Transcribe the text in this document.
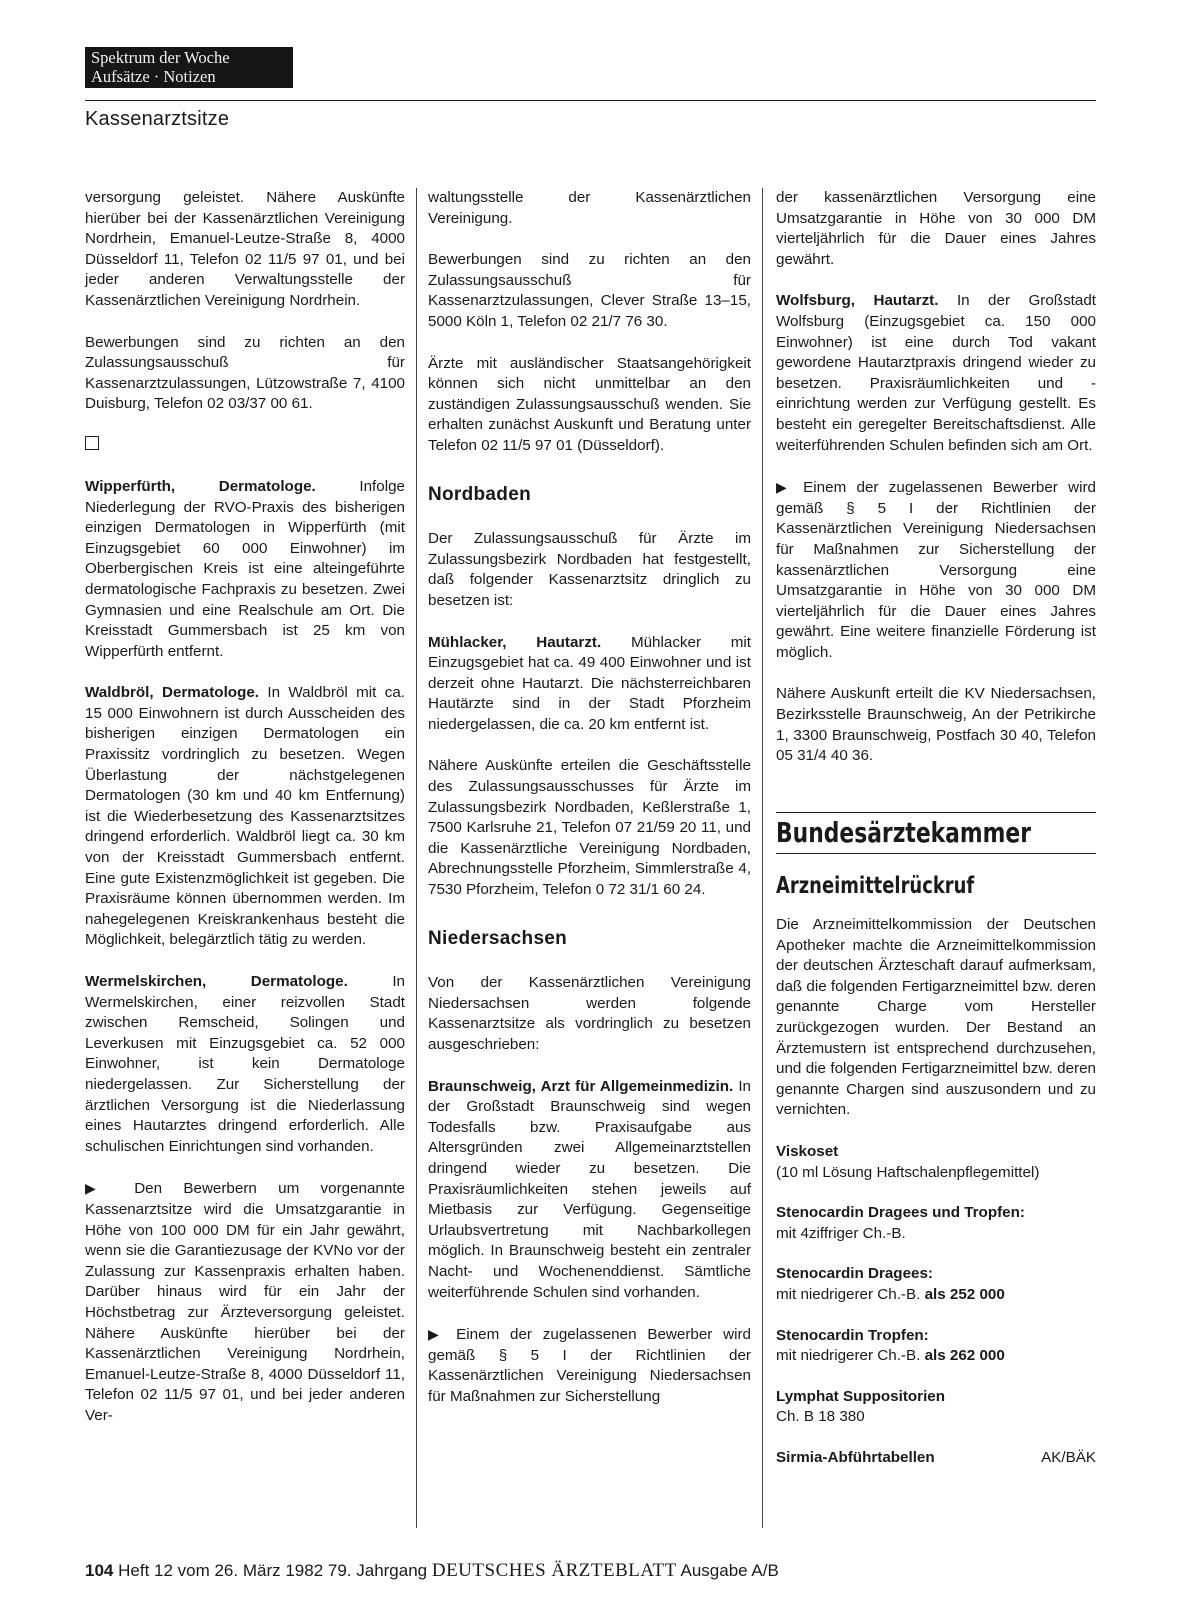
Spektrum der Woche
Aufsätze · Notizen
Kassenarztsitze

versorgung geleistet. Nähere Auskünfte hierüber bei der Kassenärztlichen Vereinigung Nordrhein, Emanuel-Leutze-Straße 8, 4000 Düsseldorf 11, Telefon 02 11/5 97 01, und bei jeder anderen Verwaltungsstelle der Kassenärztlichen Vereinigung Nordrhein.

Bewerbungen sind zu richten an den Zulassungsausschuß für Kassenarztzulassungen, Lützowstraße 7, 4100 Duisburg, Telefon 02 03/37 00 61.

Wipperfürth, Dermatologe.	Infolge Niederlegung der RVO-Praxis des bisherigen einzigen Dermatologen in Wipperfürth (mit Einzugsgebiet 60 000 Einwohner) im Oberbergischen Kreis ist eine alteingeführte dermatologische Fachpraxis zu besetzen. Zwei Gymnasien und eine Realschule am Ort. Die Kreisstadt Gummersbach ist 25 km von Wipperfürth entfernt.

Waldbröl, Dermatologe. In Waldbröl mit ca. 15 000 Einwohnern ist durch Ausscheiden des bisherigen einzigen Dermatologen ein Praxissitz vordringlich zu besetzen. Wegen Überlastung der nächstgelegenen Dermatologen (30 km und 40 km Entfernung) ist die Wiederbesetzung des Kassenarztsitzes dringend erforderlich. Waldbröl liegt ca. 30 km von der Kreisstadt Gummersbach entfernt. Eine gute Existenzmöglichkeit ist gegeben. Die Praxisräume können übernommen werden. Im nahegelegenen Kreiskrankenhaus besteht die Möglichkeit, belegärztlich tätig zu werden.

Wermelskirchen, Dermatologe.	In Wermelskirchen, einer reizvollen Stadt zwischen Remscheid, Solingen und Leverkusen mit Einzugsgebiet ca. 52 000 Einwohner, ist kein Dermatologe niedergelassen. Zur Sicherstellung der ärztlichen Versorgung ist die Niederlassung eines Hautarztes dringend erforderlich. Alle schulischen Einrichtungen sind vorhanden.

▶ Den Bewerbern um vorgenannte Kassenarztsitze wird die Umsatzgarantie in Höhe von 100 000 DM für ein Jahr gewährt, wenn sie die Garantiezusage der KVNo vor der Zulassung zur Kassenpraxis erhalten haben. Darüber hinaus wird für ein Jahr der Höchstbetrag zur Ärzteversorgung geleistet. Nähere Auskünfte hierüber bei der Kassenärztlichen Vereinigung Nordrhein, Emanuel-Leutze-Straße 8, 4000 Düsseldorf 11, Telefon 02 11/5 97 01, und bei jeder anderen Ver-

waltungsstelle der Kassenärztlichen Vereinigung.

Bewerbungen sind zu richten an den Zulassungsausschuß für Kassenarztzulassungen, Clever Straße 13–15, 5000 Köln 1, Telefon 02 21/7 76 30.

Ärzte mit ausländischer Staatsangehörigkeit können sich nicht unmittelbar an den zuständigen Zulassungsausschuß wenden. Sie erhalten zunächst Auskunft und Beratung unter Telefon 02 11/5 97 01 (Düsseldorf).

Nordbaden

Der Zulassungsausschuß für Ärzte im Zulassungsbezirk Nordbaden hat festgestellt, daß folgender Kassenarztsitz dringlich zu besetzen ist:

Mühlacker, Hautarzt. Mühlacker mit Einzugsgebiet hat ca. 49 400 Einwohner und ist derzeit ohne Hautarzt. Die nächsterreichbaren Hautärzte sind in der Stadt Pforzheim niedergelassen, die ca. 20 km entfernt ist.

Nähere Auskünfte erteilen die Geschäftsstelle des Zulassungsausschusses für Ärzte im Zulassungsbezirk Nordbaden, Keßlerstraße 1, 7500 Karlsruhe 21, Telefon 07 21/59 20 11, und die Kassenärztliche Vereinigung Nordbaden, Abrechnungsstelle Pforzheim, Simmlerstraße 4, 7530 Pforzheim, Telefon 0 72 31/1 60 24.

Niedersachsen

Von der Kassenärztlichen Vereinigung Niedersachsen werden folgende Kassenarztsitze als vordringlich zu besetzen ausgeschrieben:

Braunschweig, Arzt für Allgemeinmedizin. In der Großstadt Braunschweig sind wegen Todesfalls bzw. Praxisaufgabe aus Altersgründen zwei Allgemeinarztstellen dringend wieder zu besetzen. Die Praxisräumlichkeiten stehen jeweils auf Mietbasis zur Verfügung. Gegenseitige Urlaubsvertretung mit Nachbarkollegen möglich. In Braunschweig besteht ein zentraler Nacht- und Wochenenddienst. Sämtliche weiterführende Schulen sind vorhanden.

▶ Einem der zugelassenen Bewerber wird gemäß § 5 I der Richtlinien der Kassenärztlichen Vereinigung Niedersachsen für Maßnahmen zur Sicherstellung

der kassenärztlichen Versorgung eine Umsatzgarantie in Höhe von 30 000 DM vierteljährlich für die Dauer eines Jahres gewährt.

Wolfsburg, Hautarzt. In der Großstadt Wolfsburg (Einzugsgebiet ca. 150 000 Einwohner) ist eine durch Tod vakant gewordene Hautarztpraxis dringend wieder zu besetzen. Praxisräumlichkeiten und -einrichtung werden zur Verfügung gestellt. Es besteht ein geregelter Bereitschaftsdienst. Alle weiterführenden Schulen befinden sich am Ort.

▶ Einem der zugelassenen Bewerber wird gemäß § 5 I der Richtlinien der Kassenärztlichen Vereinigung Niedersachsen für Maßnahmen zur Sicherstellung der kassenärztlichen Versorgung eine Umsatzgarantie in Höhe von 30 000 DM vierteljährlich für die Dauer eines Jahres gewährt. Eine weitere finanzielle Förderung ist möglich.

Nähere Auskunft erteilt die KV Niedersachsen, Bezirksstelle Braunschweig, An der Petrikirche 1, 3300 Braunschweig, Postfach 30 40, Telefon 05 31/4 40 36.

Bundesärztekammer
Arzneimittelrückruf

Die Arzneimittelkommission der Deutschen Apotheker machte die Arzneimittelkommission der deutschen Ärzteschaft darauf aufmerksam, daß die folgenden Fertigarzneimittel bzw. deren genannte Charge vom Hersteller zurückgezogen wurden. Der Bestand an Ärztemustern ist entsprechend durchzusehen, und die folgenden Fertigarzneimittel bzw. deren genannte Chargen sind auszusondern und zu vernichten.

Viskoset
(10 ml Lösung Haftschalenpflegemittel)
Stenocardin Dragees und Tropfen:
mit 4ziffriger Ch.-B.
Stenocardin Dragees:
mit niedrigerer Ch.-B. als 252 000
Stenocardin Tropfen:
mit niedrigerer Ch.-B. als 262 000
Lymphat Suppositorien
Ch. B 18 380
Sirmia-Abführtabellen	AK/BÄK
104 Heft 12 vom 26. März 1982 79. Jahrgang DEUTSCHES ÄRZTEBLATT Ausgabe A/B
